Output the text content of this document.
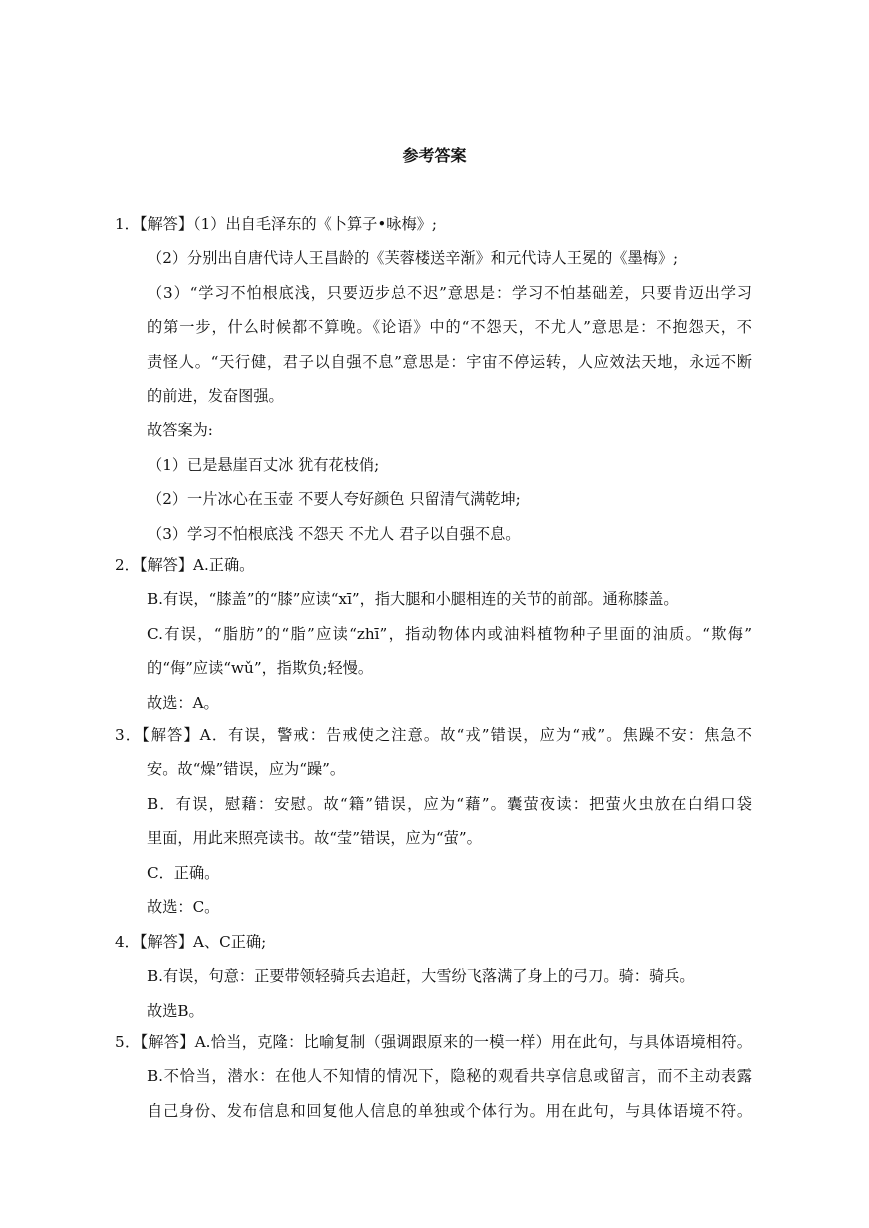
参考答案
1．【解答】（1）出自毛泽东的《卜算子•咏梅》;
（2）分别出自唐代诗人王昌龄的《芙蓉楼送辛渐》和元代诗人王冕的《墨梅》;
（3）“学习不怕根底浅，只要迈步总不迟”意思是：学习不怕基础差，只要肯迈出学习
的第一步，什么时候都不算晚。《论语》中的“不怨天，不尤人”意思是：不抱怨天，不
责怪人。“天行健，君子以自强不息”意思是：宇宙不停运转，人应效法天地，永远不断
的前进，发奋图强。
故答案为:
（1）已是悬崖百丈冰 犹有花枝俏;
（2）一片冰心在玉壶 不要人夸好颜色 只留清气满乾坤;
（3）学习不怕根底浅 不怨天 不尤人 君子以自强不息。
2．【解答】A.正确。
B.有误，“膝盖”的“膝”应读“xī”，指大腿和小腿相连的关节的前部。通称膝盖。
C.有误，“脂肪”的“脂”应读“zhī”，指动物体内或油料植物种子里面的油质。“欺侮”
的“侮”应读“wǔ”，指欺负;轻慢。
故选：A。
3．【解答】A．有误，警戒：告戒使之注意。故“戎”错误，应为“戒”。焦躁不安：焦急不
安。故“燥”错误，应为“躁”。
B．有误，慰藉：安慰。故“籍”错误，应为“藉”。囊萤夜读：把萤火虫放在白绢口袋
里面，用此来照亮读书。故“莹”错误，应为“萤”。
C．正确。
故选：C。
4．【解答】A、C正确;
B.有误，句意：正要带领轻骑兵去追赶，大雪纷飞落满了身上的弓刀。骑：骑兵。
故选B。
5．【解答】A.恰当，克隆：比喻复制（强调跟原来的一模一样）用在此句，与具体语境相符。
B.不恰当，潜水：在他人不知情的情况下，隐秘的观看共享信息或留言，而不主动表露
自己身份、发布信息和回复他人信息的单独或个体行为。用在此句，与具体语境不符。
